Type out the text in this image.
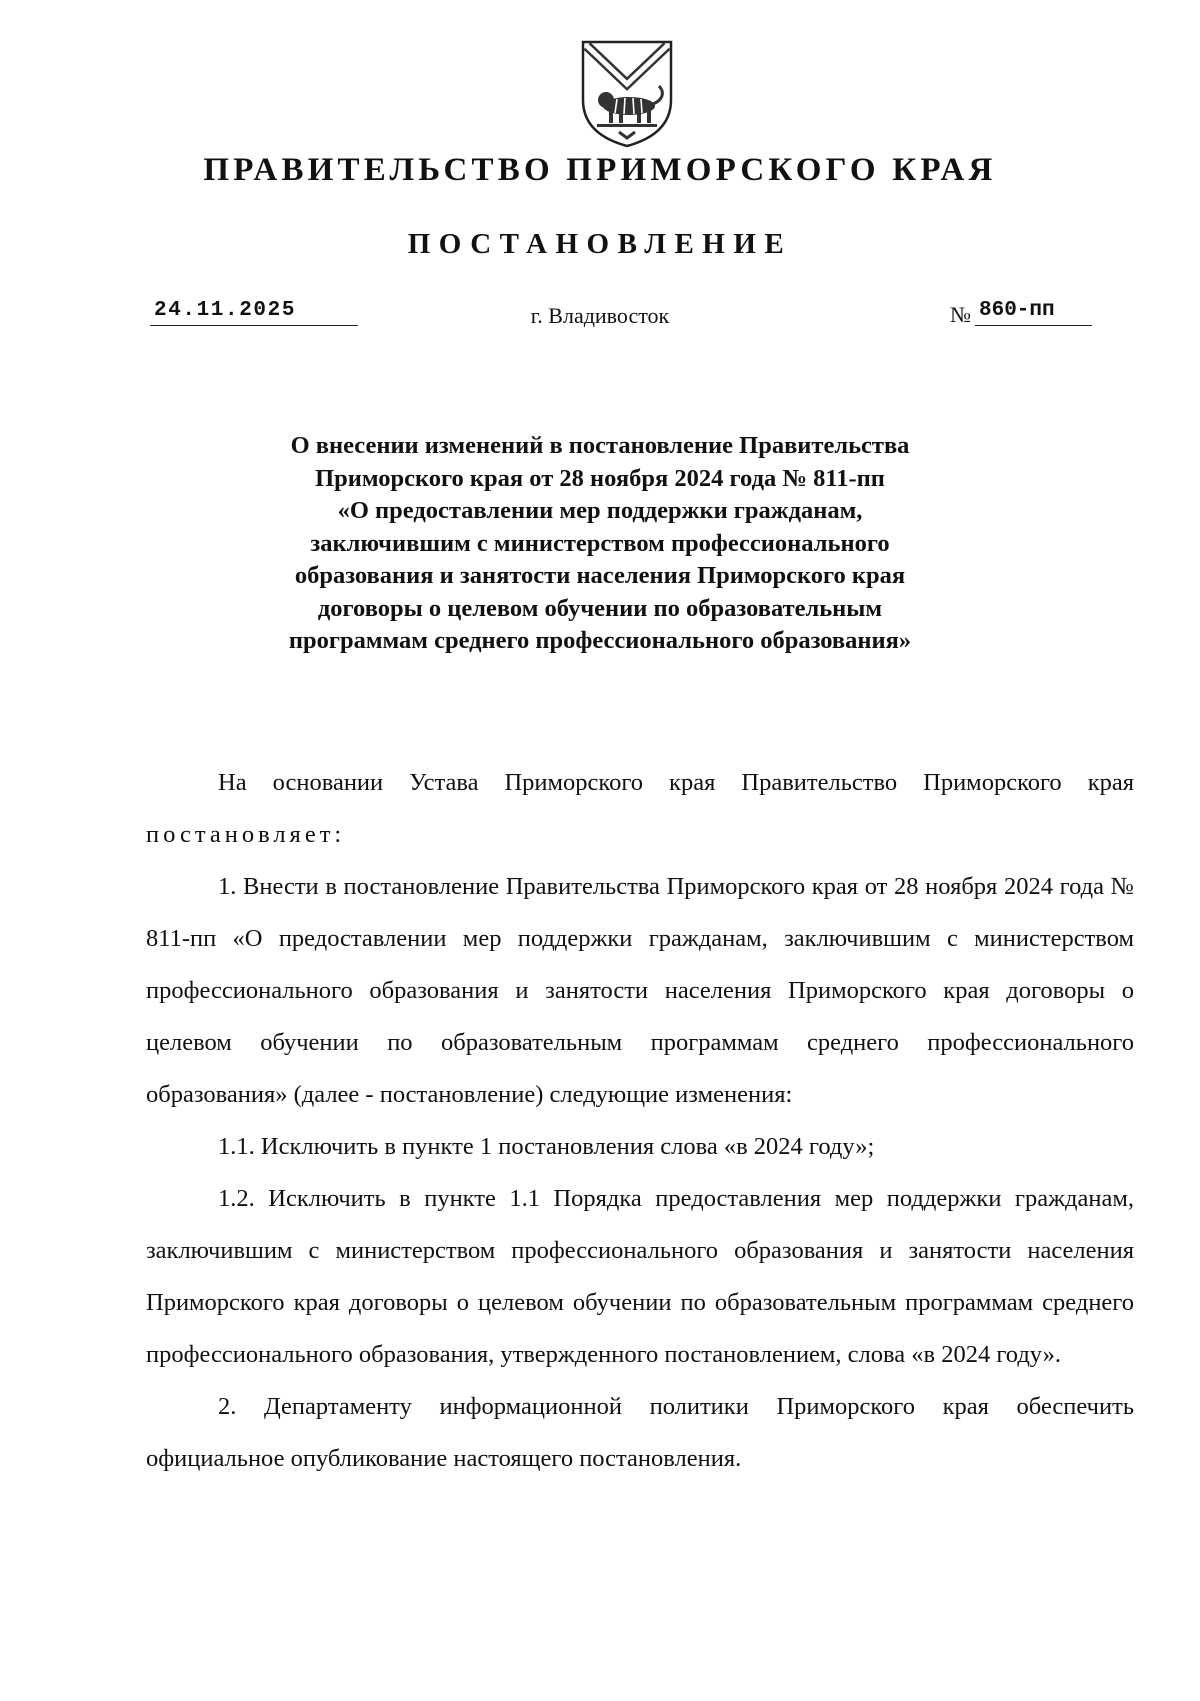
ПРАВИТЕЛЬСТВО ПРИМОРСКОГО КРАЯ
ПОСТАНОВЛЕНИЕ
24.11.2025	г. Владивосток	№ 860-пп
О внесении изменений в постановление Правительства
Приморского края от 28 ноября 2024 года № 811-пп
«О предоставлении мер поддержки гражданам,
заключившим с министерством профессионального
образования и занятости населения Приморского края
договоры о целевом обучении по образовательным
программам среднего профессионального образования»

На основании Устава Приморского края Правительство Приморского края постановляет:

1. Внести в постановление Правительства Приморского края от 28 ноября 2024 года № 811-пп «О предоставлении мер поддержки гражданам, заключившим с министерством профессионального образования и занятости населения Приморского края договоры о целевом обучении по образовательным программам среднего профессионального образования» (далее - постановление) следующие изменения:

1.1. Исключить в пункте 1 постановления слова «в 2024 году»;

1.2. Исключить в пункте 1.1 Порядка предоставления мер поддержки гражданам, заключившим с министерством профессионального образования и занятости населения Приморского края договоры о целевом обучении по образовательным программам среднего профессионального образования, утвержденного постановлением, слова «в 2024 году».

2. Департаменту информационной политики Приморского края обеспечить официальное опубликование настоящего постановления.
